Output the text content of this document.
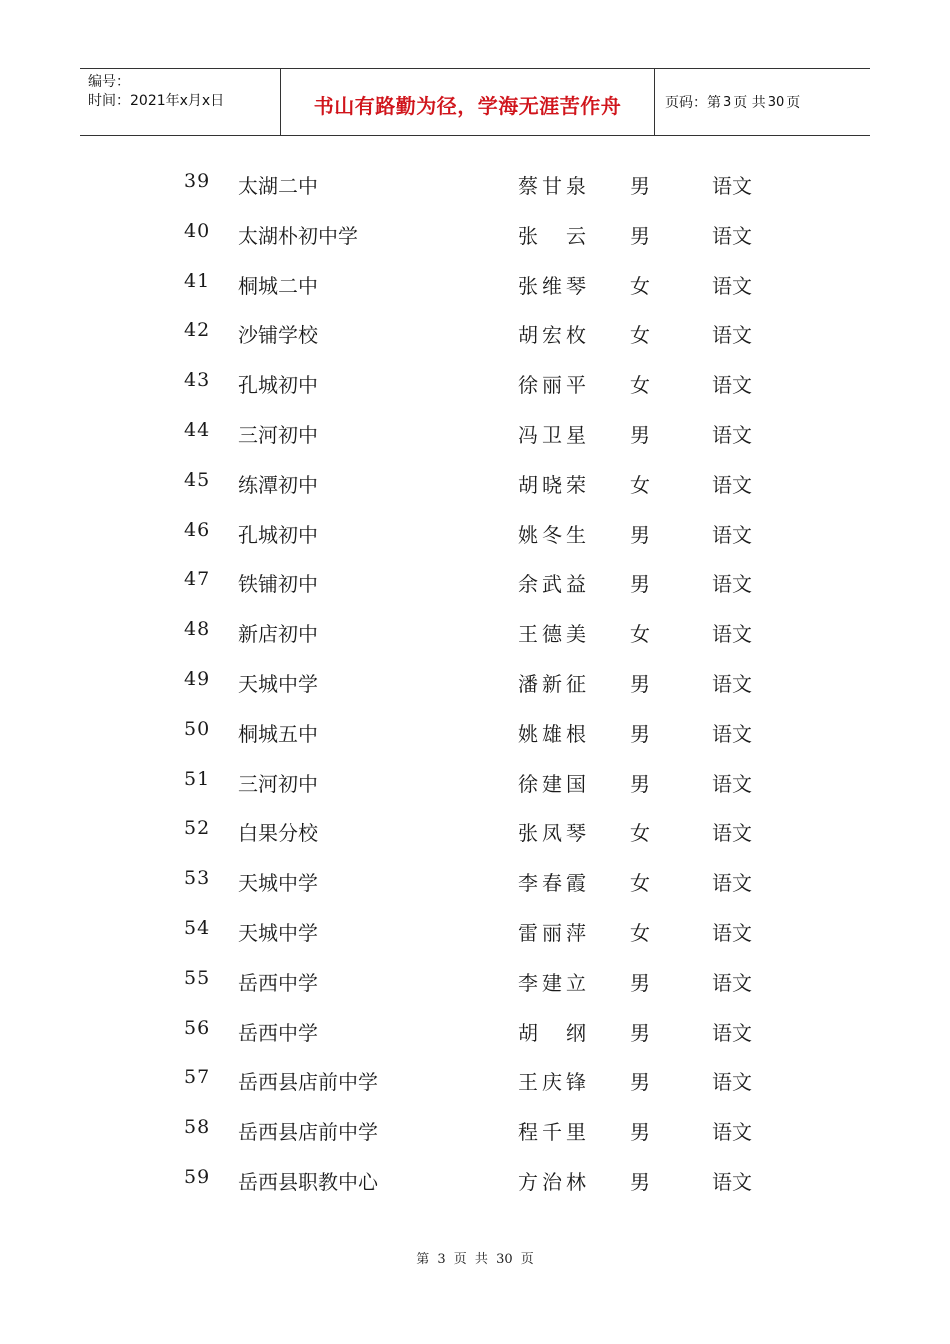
编号：
时间：2021年x月x日	书山有路勤为径，学海无涯苦作舟	页码：第 3 页 共 30 页
39 太湖二中	蔡甘泉 男	语文
40 太湖朴初中学	张云 男	语文
41 桐城二中	张维琴 女	语文
42 沙铺学校	胡宏枚 女	语文
43 孔城初中	徐丽平 女	语文
44 三河初中	冯卫星 男	语文
45 练潭初中	胡晓荣 女	语文
46 孔城初中	姚冬生 男	语文
47 铁铺初中	余武益 男	语文
48 新店初中	王德美 女	语文
49 天城中学	潘新征 男	语文
50 桐城五中	姚雄根 男	语文
51 三河初中	徐建国 男	语文
52 白果分校	张凤琴 女	语文
53 天城中学	李春霞 女	语文
54 天城中学	雷丽萍 女	语文
55 岳西中学	李建立 男	语文
56 岳西中学	胡纲 男	语文
57 岳西县店前中学	王庆锋 男	语文
58 岳西县店前中学	程千里 男	语文
59 岳西县职教中心	方治林 男	语文
第 3 页 共 30 页
